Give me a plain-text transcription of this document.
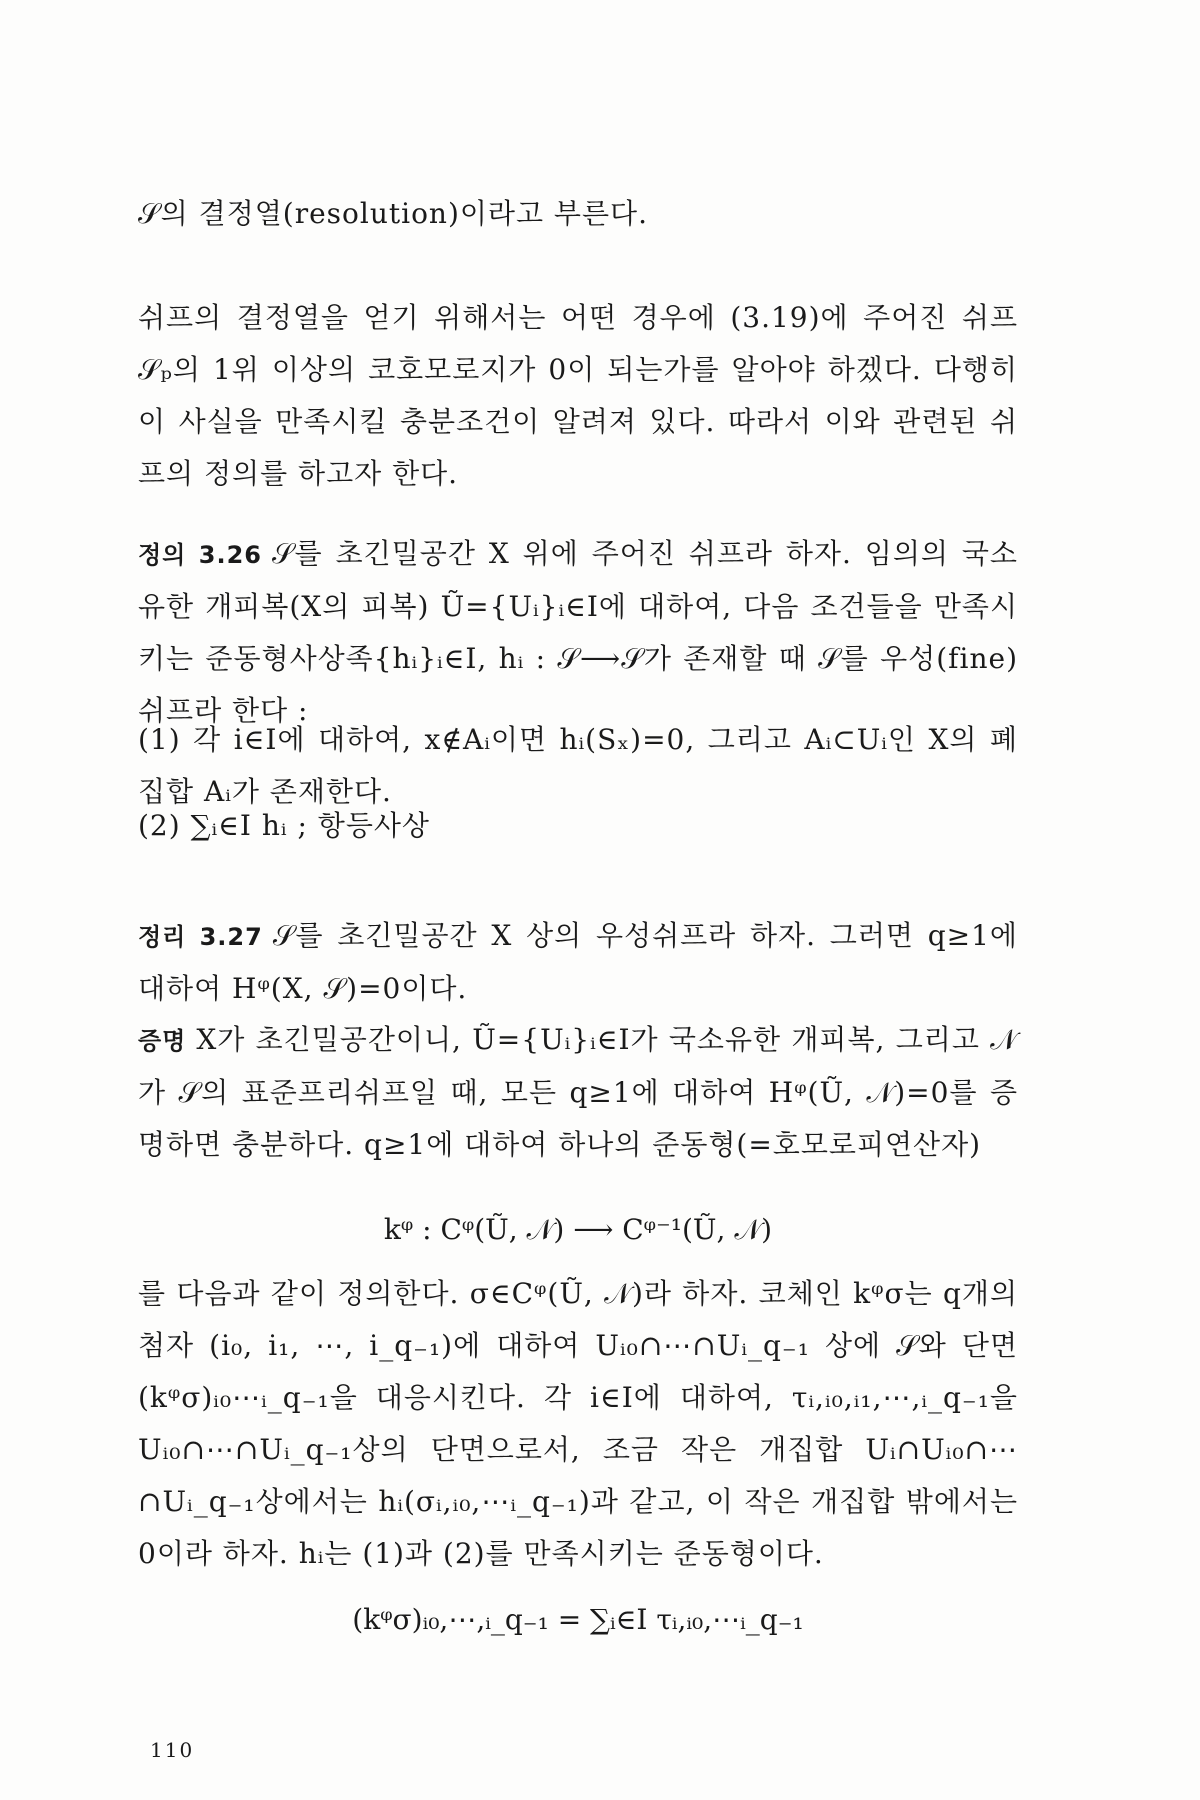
𝒮의 결정열(resolution)이라고 부른다.

쉬프의 결정열을 얻기 위해서는 어떤 경우에 (3.19)에 주어진 쉬프 𝒮ₚ의 1위 이상의 코호모로지가 0이 되는가를 알아야 하겠다. 다행히 이 사실을 만족시킬 충분조건이 알려져 있다. 따라서 이와 관련된 쉬프의 정의를 하고자 한다.

정의 3.26 𝒮를 초긴밀공간 X 위에 주어진 쉬프라 하자. 임의의 국소유한 개피복(X의 피복) Ũ={Uᵢ}ᵢ∈I에 대하여, 다음 조건들을 만족시키는 준동형사상족{hᵢ}ᵢ∈I, hᵢ : 𝒮⟶𝒮가 존재할 때 𝒮를 우성(fine)쉬프라 한다 :

(1) 각 i∈I에 대하여, x∉Aᵢ이면 hᵢ(Sₓ)=0, 그리고 Aᵢ⊂Uᵢ인 X의 폐집합 Aᵢ가 존재한다.

(2) ∑ᵢ∈I hᵢ ; 항등사상

정리 3.27 𝒮를 초긴밀공간 X 상의 우성쉬프라 하자. 그러면 q≥1에 대하여 Hᵠ(X, 𝒮)=0이다.

증명 X가 초긴밀공간이니, Ũ={Uᵢ}ᵢ∈I가 국소유한 개피복, 그리고 𝒩가 𝒮의 표준프리쉬프일 때, 모든 q≥1에 대하여 Hᵠ(Ũ, 𝒩)=0를 증명하면 충분하다. q≥1에 대하여 하나의 준동형(=호모로피연산자)

kᵠ : Cᵠ(Ũ, 𝒩) ⟶ Cᵠ⁻¹(Ũ, 𝒩)

를 다음과 같이 정의한다. σ∈Cᵠ(Ũ, 𝒩)라 하자. 코체인 kᵠσ는 q개의 첨자 (i₀, i₁, ⋯, i_q₋₁)에 대하여 Uᵢ₀∩⋯∩Uᵢ_q₋₁ 상에 𝒮와 단면(kᵠσ)ᵢ₀⋯ᵢ_q₋₁을 대응시킨다. 각 i∈I에 대하여, τᵢ,ᵢ₀,ᵢ₁,⋯,ᵢ_q₋₁을 Uᵢ₀∩⋯∩Uᵢ_q₋₁상의 단면으로서, 조금 작은 개집합 Uᵢ∩Uᵢ₀∩⋯∩Uᵢ_q₋₁상에서는 hᵢ(σᵢ,ᵢ₀,⋯ᵢ_q₋₁)과 같고, 이 작은 개집합 밖에서는 0이라 하자. hᵢ는 (1)과 (2)를 만족시키는 준동형이다.

(kᵠσ)ᵢ₀,⋯,ᵢ_q₋₁ = ∑ᵢ∈I τᵢ,ᵢ₀,⋯ᵢ_q₋₁
110
